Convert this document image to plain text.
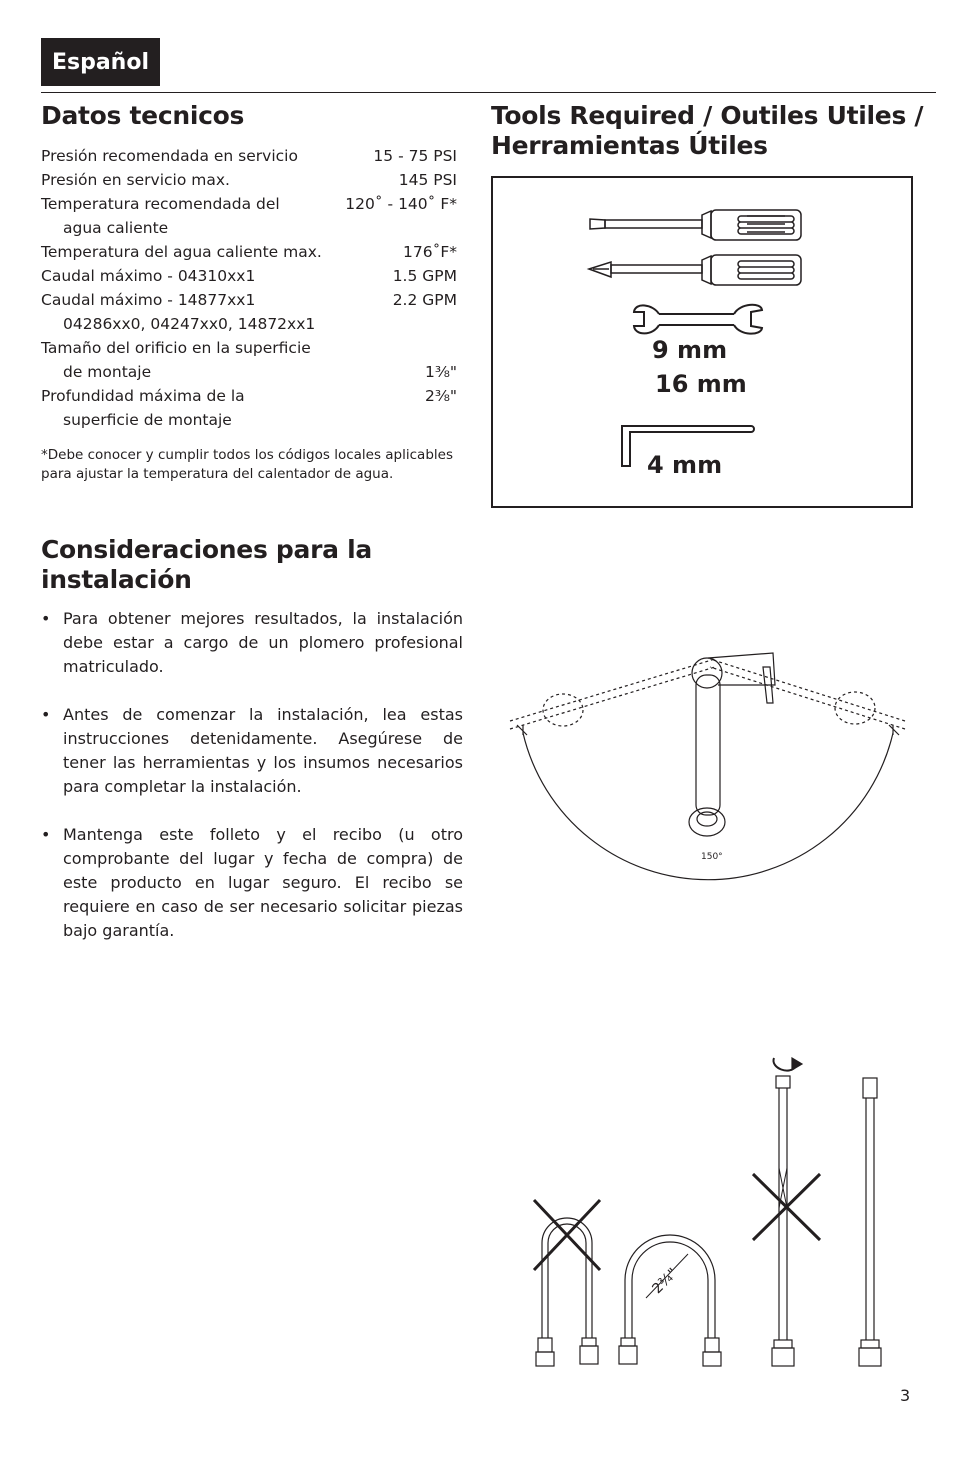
Español
Datos tecnicos
Presión recomendada en servicio	15 - 75 PSI
Presión en servicio max.	145 PSI
Temperatura recomendada del	120˚ - 140˚ F*
agua caliente
Temperatura del agua caliente max.	176˚F*
Caudal máximo - 04310xx1	1.5 GPM
Caudal máximo - 14877xx1	2.2 GPM
04286xx0, 04247xx0, 14872xx1
Tamaño del orificio en la superficie
de montaje	1⅜"
Profundidad máxima de la	2⅜"
superficie de montaje
*Debe conocer y cumplir todos los códigos locales aplicables para ajustar la temperatura del calentador de agua.
Consideraciones para la instalación
• Para obtener mejores resultados, la instalación debe estar a cargo de un plomero profesional matriculado.
• Antes de comenzar la instalación, lea estas instrucciones detenidamente. Asegúrese de tener las herramientas y los insumos necesarios para completar la instalación.
• Mantenga este folleto y el recibo (u otro comprobante del lugar y fecha de compra) de este producto en lugar seguro. El recibo se requiere en caso de ser necesario solicitar piezas bajo garantía.
Tools Required / Outiles Utiles / Herramientas Útiles
9 mm
16 mm
4 mm
150°
2¾"
3
